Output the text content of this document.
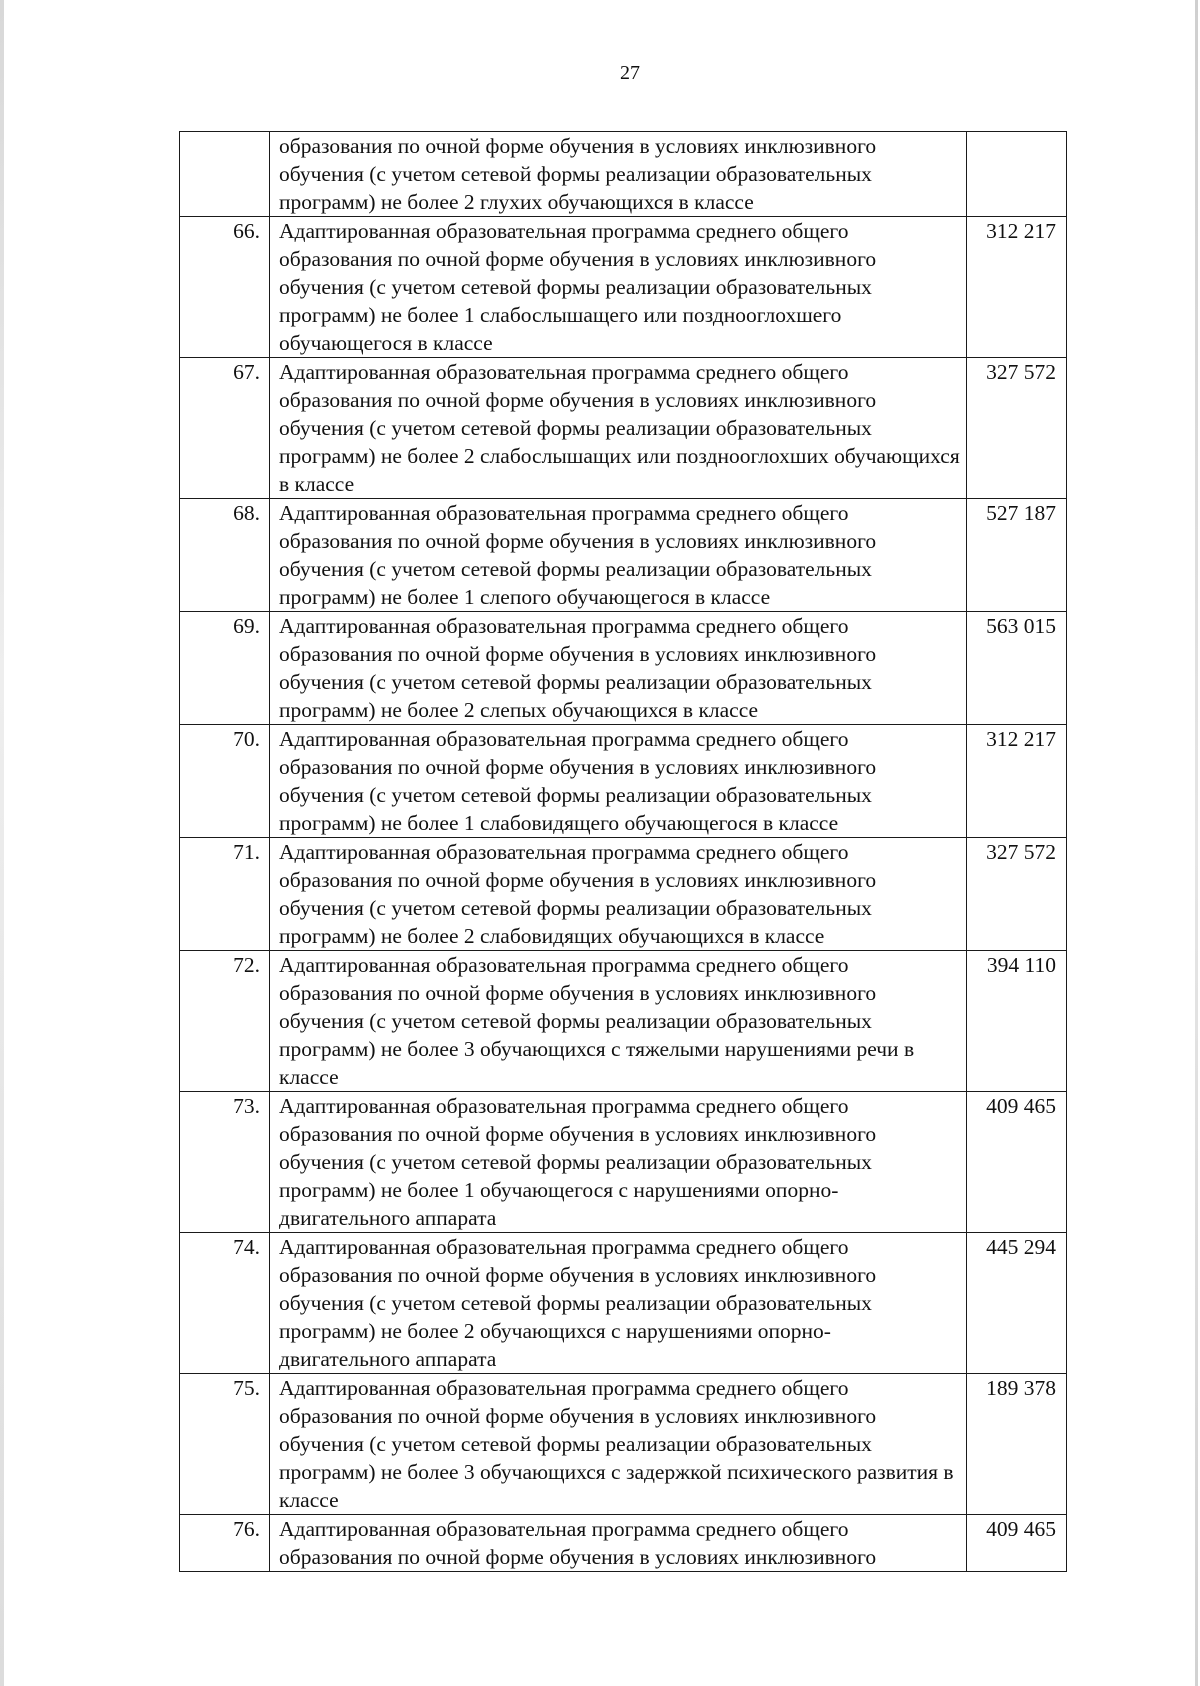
27
	образования по очной форме обучения в условиях инклюзивного обучения (с учетом сетевой формы реализации образовательных программ) не более 2 глухих обучающихся в классе	
66.	Адаптированная образовательная программа среднего общего образования по очной форме обучения в условиях инклюзивного обучения (с учетом сетевой формы реализации образовательных программ) не более 1 слабослышащего или позднооглохшего обучающегося в классе	312 217
67.	Адаптированная образовательная программа среднего общего образования по очной форме обучения в условиях инклюзивного обучения (с учетом сетевой формы реализации образовательных программ) не более 2 слабослышащих или позднооглохших обучающихся в классе	327 572
68.	Адаптированная образовательная программа среднего общего образования по очной форме обучения в условиях инклюзивного обучения (с учетом сетевой формы реализации образовательных программ) не более 1 слепого обучающегося в классе	527 187
69.	Адаптированная образовательная программа среднего общего образования по очной форме обучения в условиях инклюзивного обучения (с учетом сетевой формы реализации образовательных программ) не более 2 слепых обучающихся в классе	563 015
70.	Адаптированная образовательная программа среднего общего образования по очной форме обучения в условиях инклюзивного обучения (с учетом сетевой формы реализации образовательных программ) не более 1 слабовидящего обучающегося в классе	312 217
71.	Адаптированная образовательная программа среднего общего образования по очной форме обучения в условиях инклюзивного обучения (с учетом сетевой формы реализации образовательных программ) не более 2 слабовидящих обучающихся в классе	327 572
72.	Адаптированная образовательная программа среднего общего образования по очной форме обучения в условиях инклюзивного обучения (с учетом сетевой формы реализации образовательных программ) не более 3 обучающихся с тяжелыми нарушениями речи в классе	394 110
73.	Адаптированная образовательная программа среднего общего образования по очной форме обучения в условиях инклюзивного обучения (с учетом сетевой формы реализации образовательных программ) не более 1 обучающегося с нарушениями опорно-двигательного аппарата	409 465
74.	Адаптированная образовательная программа среднего общего образования по очной форме обучения в условиях инклюзивного обучения (с учетом сетевой формы реализации образовательных программ) не более 2 обучающихся с нарушениями опорно-двигательного аппарата	445 294
75.	Адаптированная образовательная программа среднего общего образования по очной форме обучения в условиях инклюзивного обучения (с учетом сетевой формы реализации образовательных программ) не более 3 обучающихся с задержкой психического развития в классе	189 378
76.	Адаптированная образовательная программа среднего общего образования по очной форме обучения в условиях инклюзивного	409 465
